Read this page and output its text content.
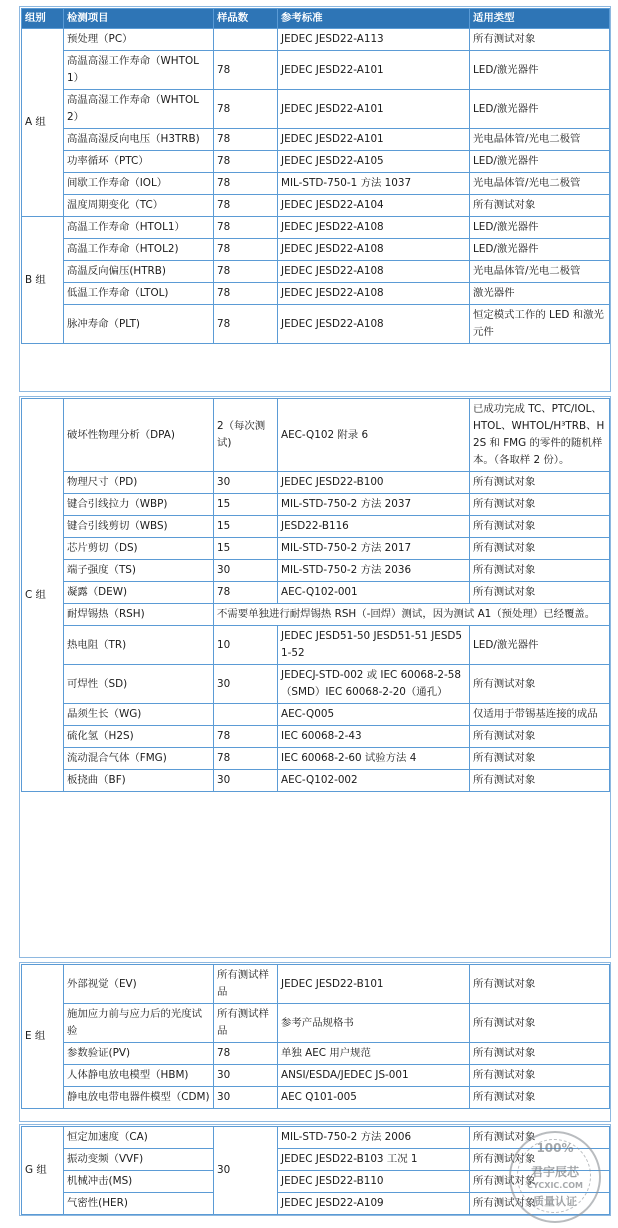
组别	检测项目	样品数	参考标准	适用类型
A 组	预处理（PC）		JEDEC JESD22-A113	所有测试对象
	高温高湿工作寿命（WHTOL1）	78	JEDEC JESD22-A101	LED/激光器件
	高温高湿工作寿命（WHTOL2）	78	JEDEC JESD22-A101	LED/激光器件
	高温高湿反向电压（H3TRB)	78	JEDEC JESD22-A101	光电晶体管/光电二极管
	功率循环（PTC）	78	JEDEC JESD22-A105	LED/激光器件
	间歇工作寿命（IOL）	78	MIL-STD-750-1 方法 1037	光电晶体管/光电二极管
	温度周期变化（TC）	78	JEDEC JESD22-A104	所有测试对象
B 组	高温工作寿命（HTOL1）	78	JEDEC JESD22-A108	LED/激光器件
	高温工作寿命（HTOL2)	78	JEDEC JESD22-A108	LED/激光器件
	高温反向偏压(HTRB)	78	JEDEC JESD22-A108	光电晶体管/光电二极管
	低温工作寿命（LTOL)	78	JEDEC JESD22-A108	激光器件
	脉冲寿命（PLT)	78	JEDEC JESD22-A108	恒定模式工作的 LED 和激光元件
C 组	破坏性物理分析（DPA)	2（每次测试)	AEC-Q102 附录 6	已成功完成 TC、PTC/IOL、HTOL、WHTOL/H³TRB、H2S 和 FMG 的零件的随机样本。（各取样 2 份）。
	物理尺寸（PD)	30	JEDEC JESD22-B100	所有测试对象
	键合引线拉力（WBP)	15	MIL-STD-750-2 方法 2037	所有测试对象
	键合引线剪切（WBS)	15	JESD22-B116	所有测试对象
	芯片剪切（DS)	15	MIL-STD-750-2 方法 2017	所有测试对象
	端子强度（TS)	30	MIL-STD-750-2 方法 2036	所有测试对象
	凝露（DEW)	78	AEC-Q102-001	所有测试对象
	耐焊锡热（RSH)	不需要单独进行耐焊锡热 RSH（-回焊）测试，因为测试 A1（预处理）已经覆盖。		
	热电阻（TR)	10	JEDEC JESD51-50 JESD51-51 JESD51-52	LED/激光器件
	可焊性（SD)	30	JEDECJ-STD-002 或 IEC 60068-2-58（SMD）IEC 60068-2-20（通孔）	所有测试对象
	晶须生长（WG)		AEC-Q005	仅适用于带锡基连接的成品
	硫化氢（H2S)	78	IEC 60068-2-43	所有测试对象
	流动混合气体（FMG)	78	IEC 60068-2-60 试验方法 4	所有测试对象
	板挠曲（BF)	30	AEC-Q102-002	所有测试对象
E 组	外部视觉（EV)	所有测试样品	JEDEC JESD22-B101	所有测试对象
	施加应力前与应力后的光度试验	所有测试样品	参考产品规格书	所有测试对象
	参数验证(PV)	78	单独 AEC 用户规范	所有测试对象
	人体静电放电模型（HBM)	30	ANSI/ESDA/JEDEC JS-001	所有测试对象
	静电放电带电器件模型（CDM)	30	AEC Q101-005	所有测试对象
G 组	恒定加速度（CA)	30	MIL-STD-750-2 方法 2006	所有测试对象
	振动变频（VVF)		JEDEC JESD22-B103 工况 1	所有测试对象
	机械冲击(MS)		JEDEC JESD22-B110	所有测试对象
	气密性(HER)		JEDEC JESD22-A109	所有测试对象
100%
君宇辰芯
CYCXIC.COM
质量认证
